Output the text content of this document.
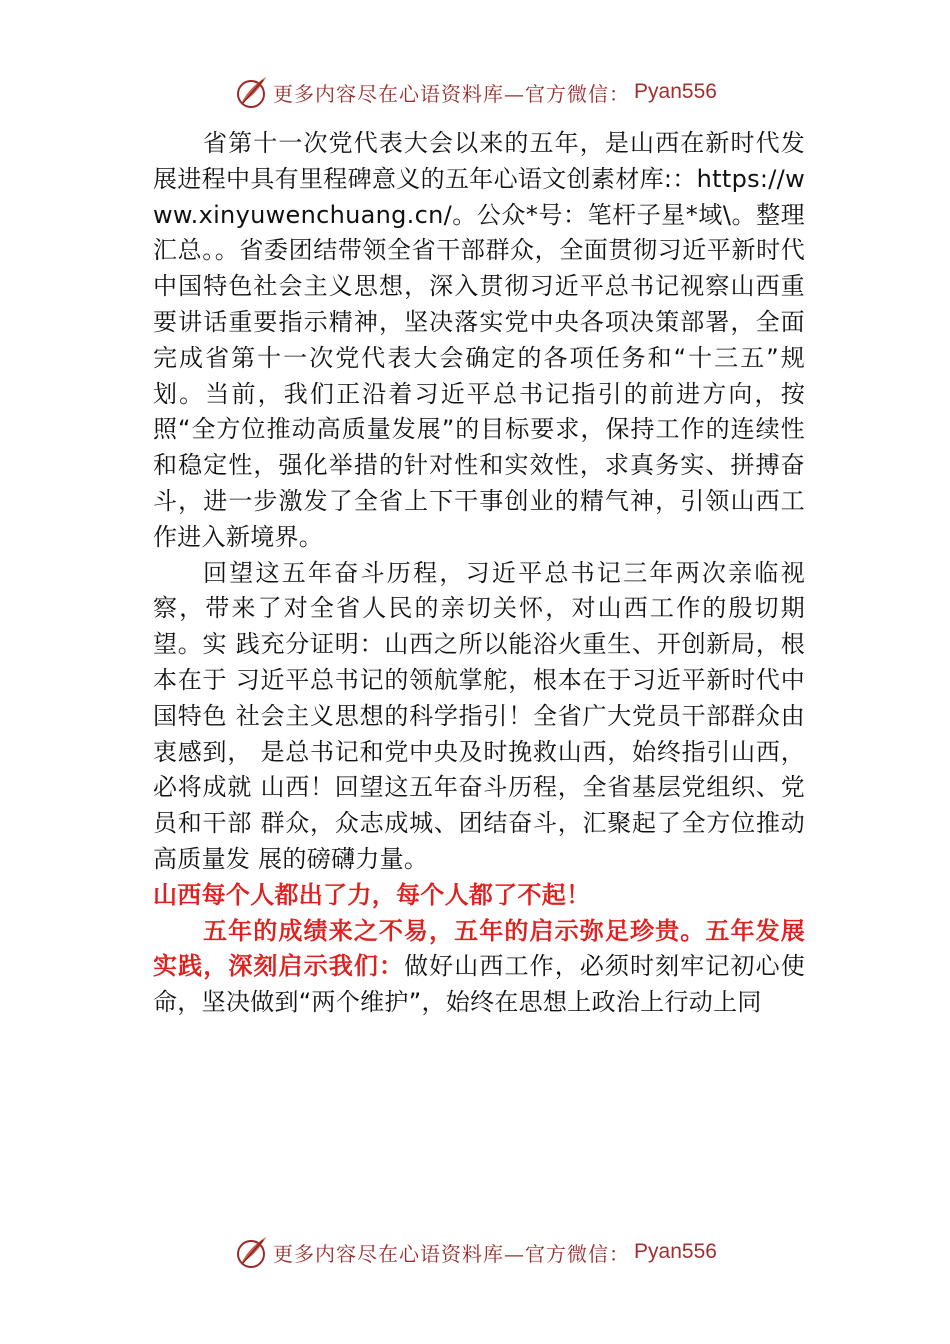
更多内容尽在心语资料库—官方微信： Pyan556

省第十一次党代表大会以来的五年，是山西在新时代发展进程中具有里程碑意义的五年心语文创素材库:：https://www.xinyuwenchuang.cn/。公众*号：笔杆子星*域\。整理汇总。。省委团结带领全省干部群众，全面贯彻习近平新时代中国特色社会主义思想，深入贯彻习近平总书记视察山西重要讲话重要指示精神，坚决落实党中央各项决策部署，全面完成省第十一次党代表大会确定的各项任务和“十三五”规划。当前，我们正沿着习近平总书记指引的前进方向，按照“全方位推动高质量发展”的目标要求，保持工作的连续性和稳定性，强化举措的针对性和实效性，求真务实、拼搏奋斗，进一步激发了全省上下干事创业的精气神，引领山西工作进入新境界。

回望这五年奋斗历程，习近平总书记三年两次亲临视察，带来了对全省人民的亲切关怀，对山西工作的殷切期望。实 践充分证明：山西之所以能浴火重生、开创新局，根本在于 习近平总书记的领航掌舵，根本在于习近平新时代中国特色 社会主义思想的科学指引！全省广大党员干部群众由衷感到， 是总书记和党中央及时挽救山西，始终指引山西，必将成就 山西！回望这五年奋斗历程，全省基层党组织、党员和干部 群众，众志成城、团结奋斗，汇聚起了全方位推动高质量发 展的磅礴力量。

山西每个人都出了力，每个人都了不起！

五年的成绩来之不易，五年的启示弥足珍贵。五年发展实践，深刻启示我们：做好山西工作，必须时刻牢记初心使命，坚决做到“两个维护”，始终在思想上政治上行动上同

更多内容尽在心语资料库—官方微信： Pyan556
